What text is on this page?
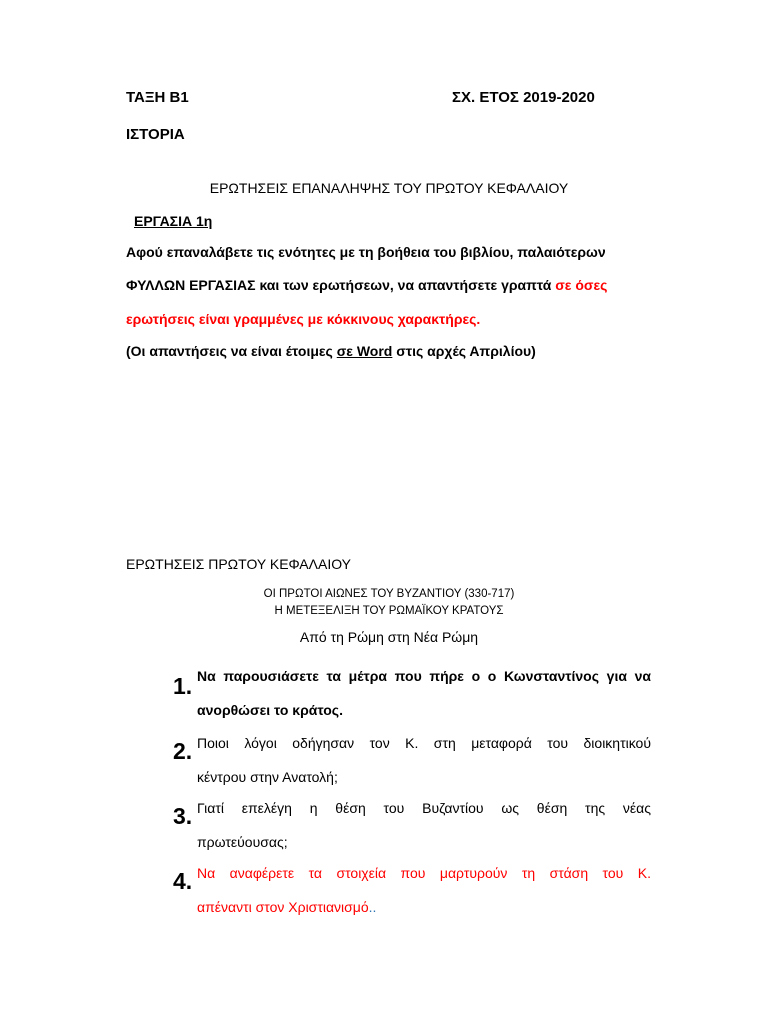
ΤΑΞΗ Β1	ΣΧ. ΕΤΟΣ 2019-2020
ΙΣΤΟΡΙΑ
ΕΡΩΤΗΣΕΙΣ ΕΠΑΝΑΛΗΨΗΣ ΤΟΥ ΠΡΩΤΟΥ ΚΕΦΑΛΑΙΟΥ
ΕΡΓΑΣΙΑ 1η
Αφού επαναλάβετε τις ενότητες με τη βοήθεια του βιβλίου, παλαιότερων
ΦΥΛΛΩΝ ΕΡΓΑΣΙΑΣ και των ερωτήσεων, να απαντήσετε γραπτά σε όσες
ερωτήσεις είναι γραμμένες με κόκκινους χαρακτήρες.
(Οι απαντήσεις να είναι έτοιμες σε Word στις αρχές Απριλίου)
ΕΡΩΤΗΣΕΙΣ ΠΡΩΤΟΥ ΚΕΦΑΛΑΙΟΥ
ΟΙ ΠΡΩΤΟΙ ΑΙΩΝΕΣ ΤΟΥ ΒΥΖΑΝΤΙΟΥ (330-717)
Η ΜΕΤΕΞΕΛΙΞΗ ΤΟΥ ΡΩΜΑΪΚΟΥ ΚΡΑΤΟΥΣ
Από τη Ρώμη στη Νέα Ρώμη
1. Να παρουσιάσετε τα μέτρα που πήρε ο ο Κωνσταντίνος για να
ανορθώσει το κράτος.
2. Ποιοι λόγοι οδήγησαν τον Κ. στη μεταφορά του διοικητικού
κέντρου στην Ανατολή;
3. Γιατί επελέγη η θέση του Βυζαντίου ως θέση της νέας
πρωτεύουσας;
4. Να αναφέρετε τα στοιχεία που μαρτυρούν τη στάση του Κ.
απέναντι στον Χριστιανισμό..
